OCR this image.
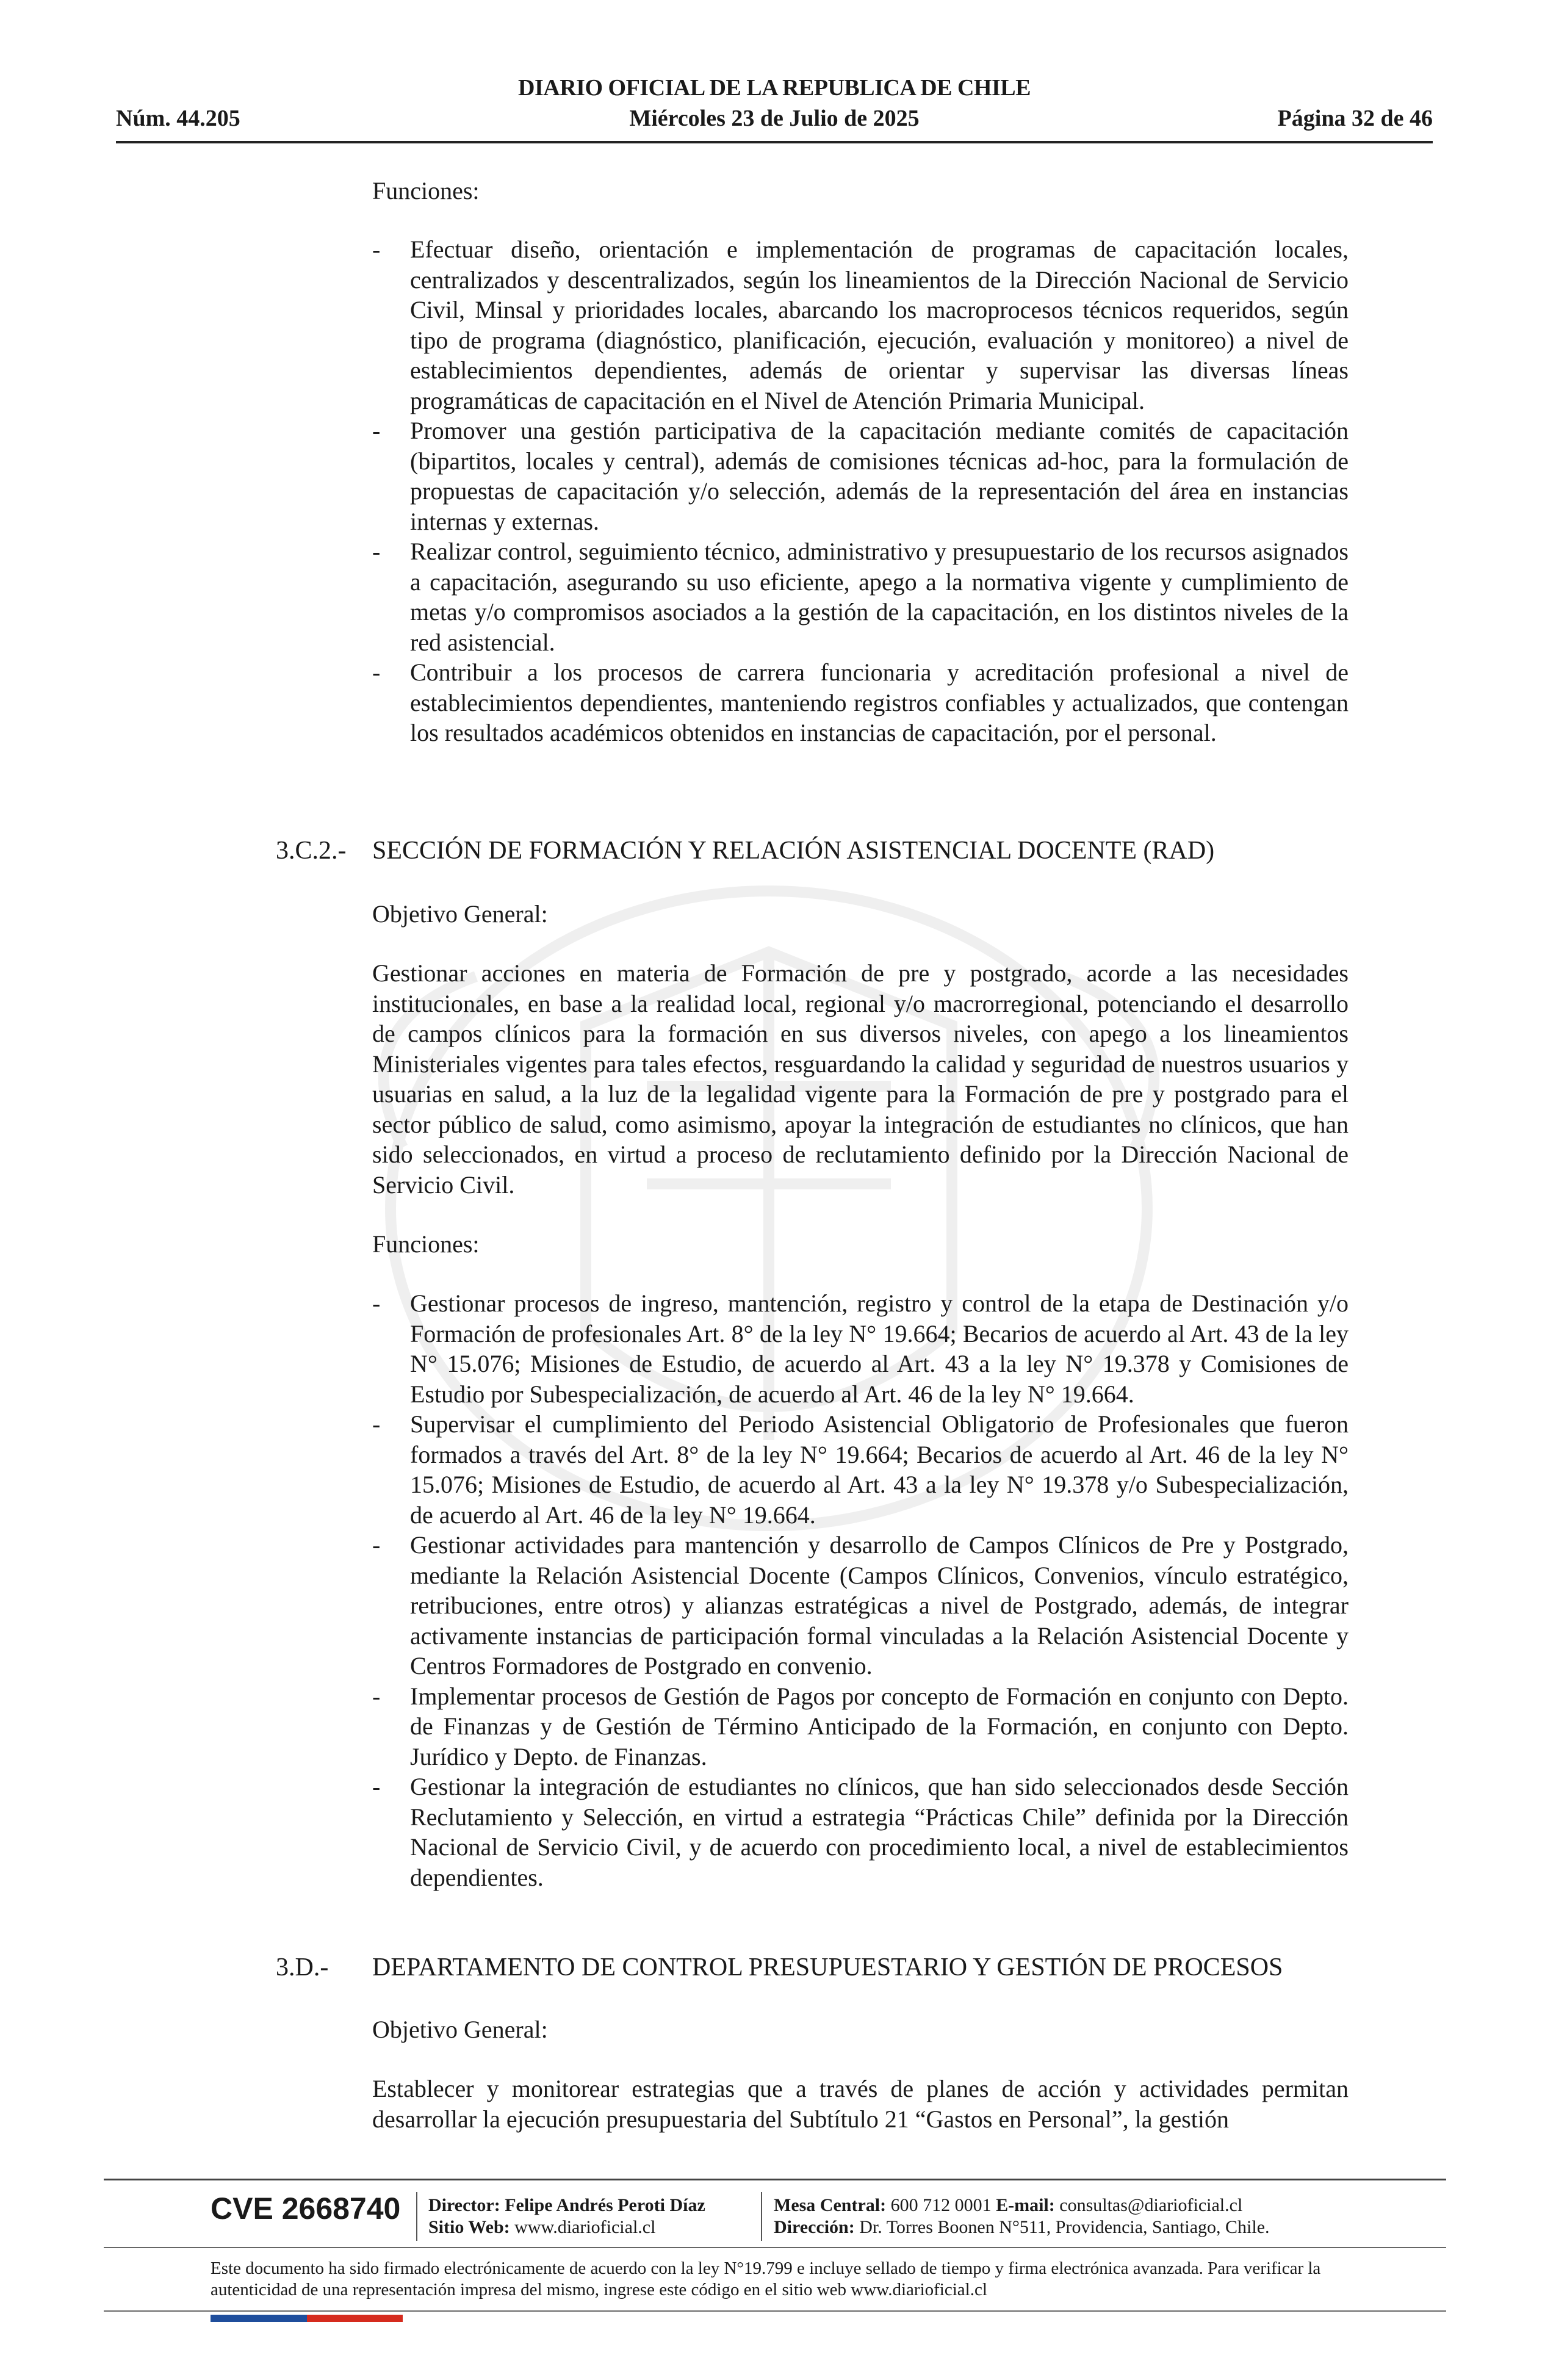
DIARIO OFICIAL DE LA REPUBLICA DE CHILE
Núm. 44.205	Miércoles 23 de Julio de 2025	Página 32 de 46
Funciones:
- Efectuar diseño, orientación e implementación de programas de capacitación locales, centralizados y descentralizados, según los lineamientos de la Dirección Nacional de Servicio Civil, Minsal y prioridades locales, abarcando los macroprocesos técnicos requeridos, según tipo de programa (diagnóstico, planificación, ejecución, evaluación y monitoreo) a nivel de establecimientos dependientes, además de orientar y supervisar las diversas líneas programáticas de capacitación en el Nivel de Atención Primaria Municipal.
- Promover una gestión participativa de la capacitación mediante comités de capacitación (bipartitos, locales y central), además de comisiones técnicas ad-hoc, para la formulación de propuestas de capacitación y/o selección, además de la representación del área en instancias internas y externas.
- Realizar control, seguimiento técnico, administrativo y presupuestario de los recursos asignados a capacitación, asegurando su uso eficiente, apego a la normativa vigente y cumplimiento de metas y/o compromisos asociados a la gestión de la capacitación, en los distintos niveles de la red asistencial.
- Contribuir a los procesos de carrera funcionaria y acreditación profesional a nivel de establecimientos dependientes, manteniendo registros confiables y actualizados, que contengan los resultados académicos obtenidos en instancias de capacitación, por el personal.
3.C.2.- SECCIÓN DE FORMACIÓN Y RELACIÓN ASISTENCIAL DOCENTE (RAD)
Objetivo General:
Gestionar acciones en materia de Formación de pre y postgrado, acorde a las necesidades institucionales, en base a la realidad local, regional y/o macrorregional, potenciando el desarrollo de campos clínicos para la formación en sus diversos niveles, con apego a los lineamientos Ministeriales vigentes para tales efectos, resguardando la calidad y seguridad de nuestros usuarios y usuarias en salud, a la luz de la legalidad vigente para la Formación de pre y postgrado para el sector público de salud, como asimismo, apoyar la integración de estudiantes no clínicos, que han sido seleccionados, en virtud a proceso de reclutamiento definido por la Dirección Nacional de Servicio Civil.
Funciones:
- Gestionar procesos de ingreso, mantención, registro y control de la etapa de Destinación y/o Formación de profesionales Art. 8° de la ley N° 19.664; Becarios de acuerdo al Art. 43 de la ley N° 15.076; Misiones de Estudio, de acuerdo al Art. 43 a la ley N° 19.378 y Comisiones de Estudio por Subespecialización, de acuerdo al Art. 46 de la ley N° 19.664.
- Supervisar el cumplimiento del Periodo Asistencial Obligatorio de Profesionales que fueron formados a través del Art. 8° de la ley N° 19.664; Becarios de acuerdo al Art. 46 de la ley N° 15.076; Misiones de Estudio, de acuerdo al Art. 43 a la ley N° 19.378 y/o Subespecialización, de acuerdo al Art. 46 de la ley N° 19.664.
- Gestionar actividades para mantención y desarrollo de Campos Clínicos de Pre y Postgrado, mediante la Relación Asistencial Docente (Campos Clínicos, Convenios, vínculo estratégico, retribuciones, entre otros) y alianzas estratégicas a nivel de Postgrado, además, de integrar activamente instancias de participación formal vinculadas a la Relación Asistencial Docente y Centros Formadores de Postgrado en convenio.
- Implementar procesos de Gestión de Pagos por concepto de Formación en conjunto con Depto. de Finanzas y de Gestión de Término Anticipado de la Formación, en conjunto con Depto. Jurídico y Depto. de Finanzas.
- Gestionar la integración de estudiantes no clínicos, que han sido seleccionados desde Sección Reclutamiento y Selección, en virtud a estrategia “Prácticas Chile” definida por la Dirección Nacional de Servicio Civil, y de acuerdo con procedimiento local, a nivel de establecimientos dependientes.
3.D.- DEPARTAMENTO DE CONTROL PRESUPUESTARIO Y GESTIÓN DE PROCESOS
Objetivo General:
Establecer y monitorear estrategias que a través de planes de acción y actividades permitan desarrollar la ejecución presupuestaria del Subtítulo 21 “Gastos en Personal”, la gestión
CVE 2668740 Director: Felipe Andrés Peroti Díaz
Sitio Web: www.diarioficial.cl
Mesa Central: 600 712 0001 E-mail: consultas@diarioficial.cl
Dirección: Dr. Torres Boonen N°511, Providencia, Santiago, Chile.
Este documento ha sido firmado electrónicamente de acuerdo con la ley N°19.799 e incluye sellado de tiempo y firma electrónica avanzada. Para verificar la autenticidad de una representación impresa del mismo, ingrese este código en el sitio web www.diarioficial.cl
